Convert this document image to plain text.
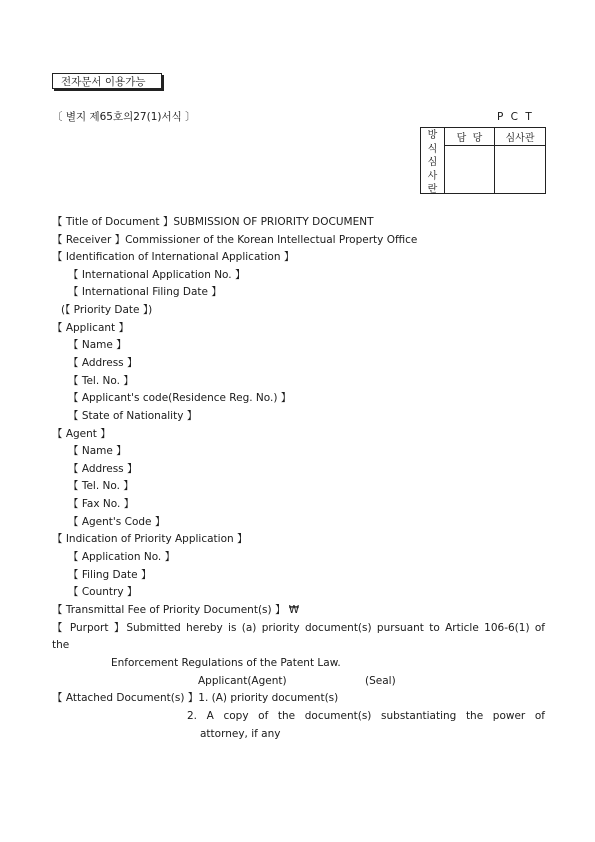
전자문서 이용가능
〔 별지 제65호의27(1)서식 〕	P C T
방
식
심
사
란	담  당	심사관

【 Title of Document 】SUBMISSION OF PRIORITY DOCUMENT
【 Receiver 】Commissioner of the Korean Intellectual Property Office
【 Identification of International Application 】
【 International Application No. 】
【 International Filing Date 】
(【 Priority Date 】)
【 Applicant 】
【 Name 】
【 Address 】
【 Tel. No. 】
【 Applicant's code(Residence Reg. No.) 】
【 State of Nationality 】
【 Agent 】
【 Name 】
【 Address 】
【 Tel. No. 】
【 Fax No. 】
【 Agent's Code 】
【 Indication of Priority Application 】
【 Application No. 】
【 Filing Date 】
【 Country 】
【 Transmittal Fee of Priority Document(s) 】 ₩
【 Purport 】Submitted hereby is (a) priority document(s) pursuant to Article 106-6(1) of
the
Enforcement Regulations of the Patent Law.
Applicant(Agent)	(Seal)
【 Attached Document(s) 】1. (A) priority document(s)
2. A copy of the document(s) substantiating the power of
attorney, if any
